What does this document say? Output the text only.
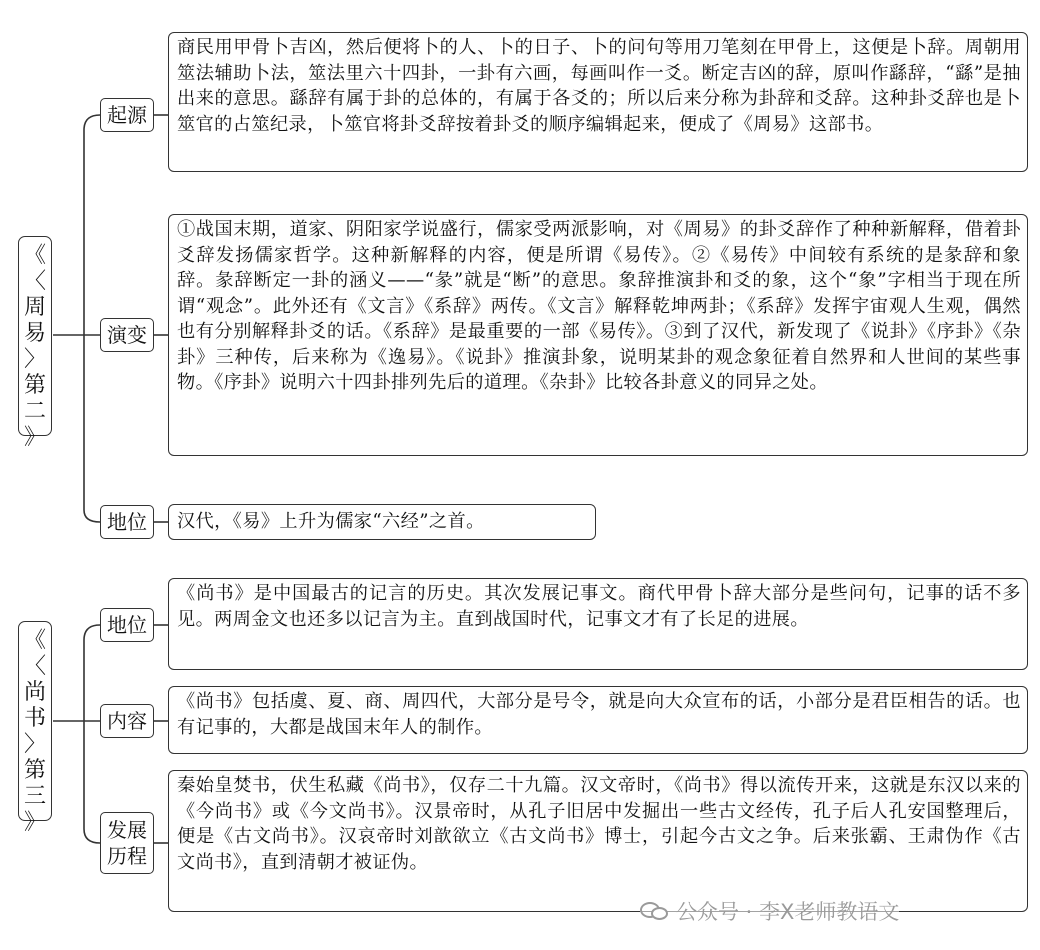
《
〈
周
易
〉
第
二
》
起源
商民用甲骨卜吉凶，然后便将卜的人、卜的日子、卜的问句等用刀笔刻在甲骨上，这便是卜辞。周朝用筮法辅助卜法，筮法里六十四卦，一卦有六画，每画叫作一爻。断定吉凶的辞，原叫作繇辞，“繇”是抽出来的意思。繇辞有属于卦的总体的，有属于各爻的；所以后来分称为卦辞和爻辞。这种卦爻辞也是卜筮官的占筮纪录，卜筮官将卦爻辞按着卦爻的顺序编辑起来，便成了《周易》这部书。
演变
①战国末期，道家、阴阳家学说盛行，儒家受两派影响，对《周易》的卦爻辞作了种种新解释，借着卦爻辞发扬儒家哲学。这种新解释的内容，便是所谓《易传》。②《易传》中间较有系统的是彖辞和象辞。彖辞断定一卦的涵义——“彖”就是“断”的意思。象辞推演卦和爻的象，这个“象”字相当于现在所谓“观念”。此外还有《文言》《系辞》两传。《文言》解释乾坤两卦；《系辞》发挥宇宙观人生观，偶然也有分别解释卦爻的话。《系辞》是最重要的一部《易传》。③到了汉代，新发现了《说卦》《序卦》《杂卦》三种传，后来称为《逸易》。《说卦》推演卦象，说明某卦的观念象征着自然界和人世间的某些事物。《序卦》说明六十四卦排列先后的道理。《杂卦》比较各卦意义的同异之处。
地位	汉代，《易》上升为儒家“六经”之首。
《
〈
尚
书
〉
第
三
》
地位
《尚书》是中国最古的记言的历史。其次发展记事文。商代甲骨卜辞大部分是些问句，记事的话不多见。两周金文也还多以记言为主。直到战国时代，记事文才有了长足的进展。
内容
《尚书》包括虞、夏、商、周四代，大部分是号令，就是向大众宣布的话，小部分是君臣相告的话。也有记事的，大都是战国末年人的制作。
发展
历程
秦始皇焚书，伏生私藏《尚书》，仅存二十九篇。汉文帝时，《尚书》得以流传开来，这就是东汉以来的《今尚书》或《今文尚书》。汉景帝时，从孔子旧居中发掘出一些古文经传，孔子后人孔安国整理后，便是《古文尚书》。汉哀帝时刘歆欲立《古文尚书》博士，引起今古文之争。后来张霸、王肃伪作《古文尚书》，直到清朝才被证伪。
公众号 · 李X老师教语文
